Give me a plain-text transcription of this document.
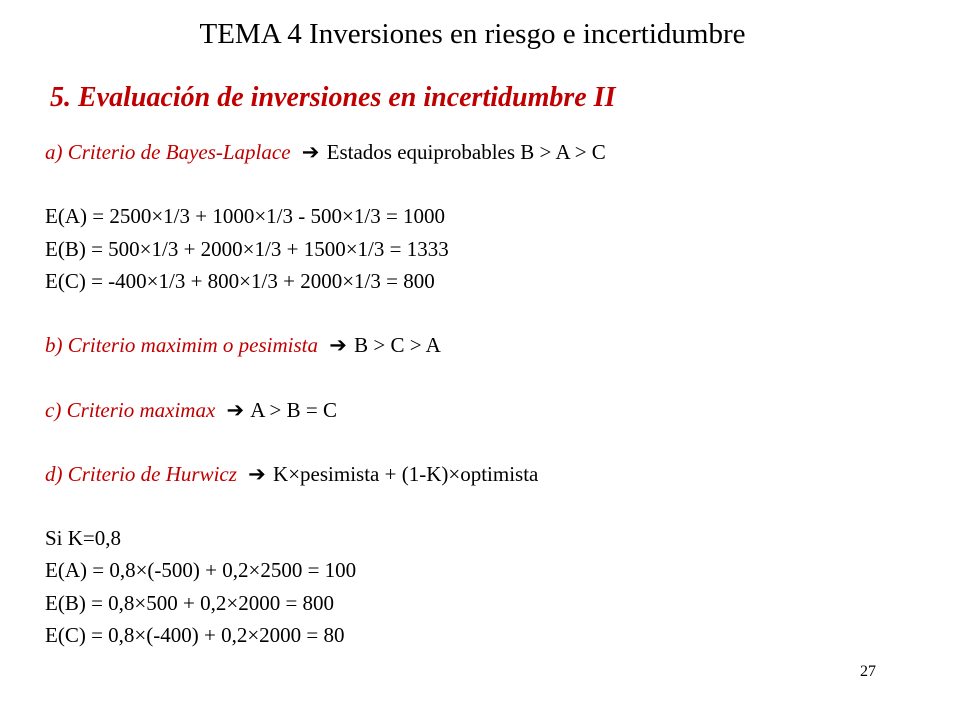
TEMA 4 Inversiones en riesgo e incertidumbre
5. Evaluación de inversiones en incertidumbre II
a) Criterio de Bayes-Laplace ➔ Estados equiprobables B > A > C
E(A) = 2500×1/3 + 1000×1/3 - 500×1/3 = 1000
E(B) = 500×1/3 + 2000×1/3 + 1500×1/3 = 1333
E(C) = -400×1/3 + 800×1/3 + 2000×1/3 = 800
b) Criterio maximim o pesimista ➔ B > C > A
c) Criterio maximax ➔ A > B = C
d) Criterio de Hurwicz ➔ K×pesimista + (1-K)×optimista
Si K=0,8
E(A) = 0,8×(-500) + 0,2×2500 = 100
E(B) = 0,8×500 + 0,2×2000 = 800
E(C) = 0,8×(-400) + 0,2×2000 = 80
27
